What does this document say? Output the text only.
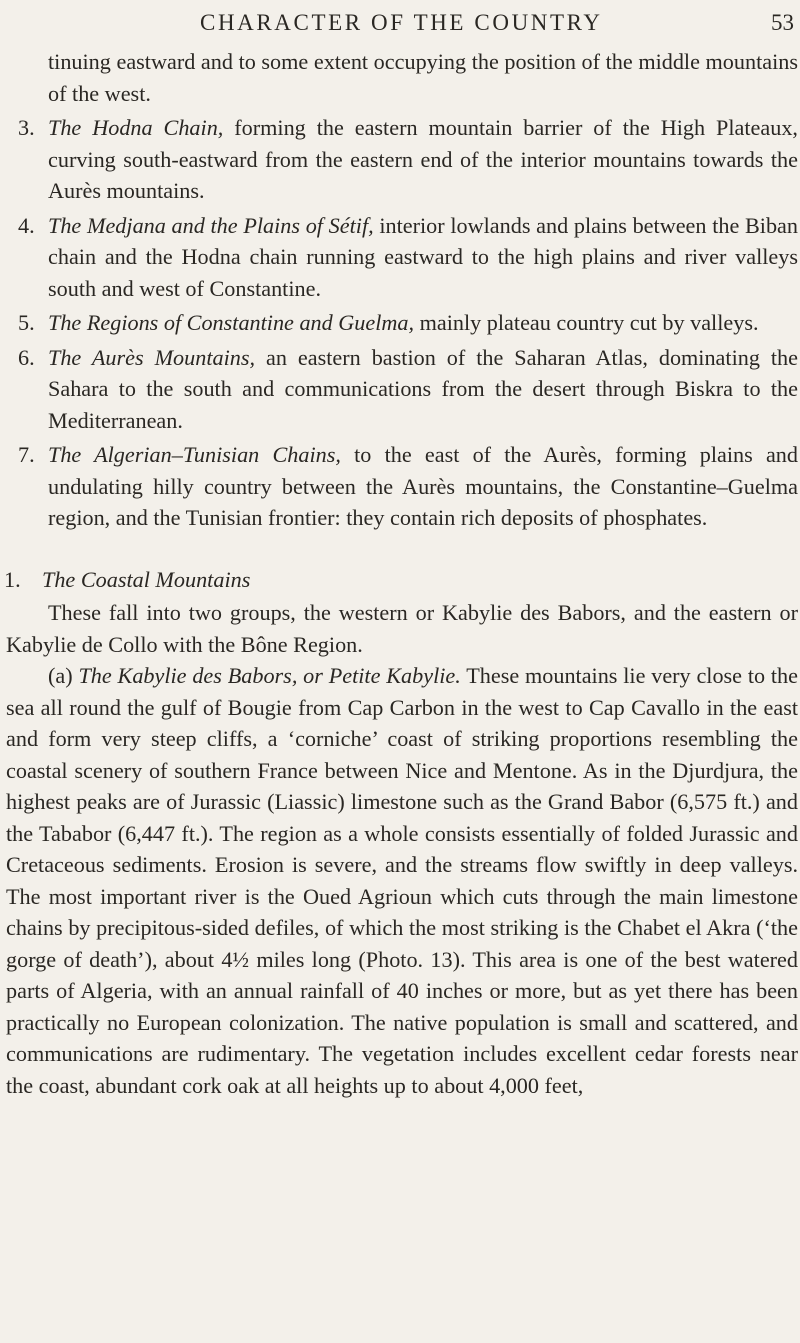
CHARACTER OF THE COUNTRY	53
tinuing eastward and to some extent occupying the position of the middle mountains of the west.
3. The Hodna Chain, forming the eastern mountain barrier of the High Plateaux, curving south-eastward from the eastern end of the interior mountains towards the Aurès mountains.
4. The Medjana and the Plains of Sétif, interior lowlands and plains between the Biban chain and the Hodna chain running eastward to the high plains and river valleys south and west of Constantine.
5. The Regions of Constantine and Guelma, mainly plateau country cut by valleys.
6. The Aurès Mountains, an eastern bastion of the Saharan Atlas, dominating the Sahara to the south and communications from the desert through Biskra to the Mediterranean.
7. The Algerian–Tunisian Chains, to the east of the Aurès, forming plains and undulating hilly country between the Aurès mountains, the Constantine–Guelma region, and the Tunisian frontier: they contain rich deposits of phosphates.
1. The Coastal Mountains

These fall into two groups, the western or Kabylie des Babors, and the eastern or Kabylie de Collo with the Bône Region.

(a) The Kabylie des Babors, or Petite Kabylie. These mountains lie very close to the sea all round the gulf of Bougie from Cap Carbon in the west to Cap Cavallo in the east and form very steep cliffs, a ‘corniche’ coast of striking proportions resembling the coastal scenery of southern France between Nice and Mentone. As in the Djurdjura, the highest peaks are of Jurassic (Liassic) limestone such as the Grand Babor (6,575 ft.) and the Tababor (6,447 ft.). The region as a whole consists essentially of folded Jurassic and Cretaceous sediments. Erosion is severe, and the streams flow swiftly in deep valleys. The most important river is the Oued Agrioun which cuts through the main limestone chains by precipitous-sided defiles, of which the most striking is the Chabet el Akra (‘the gorge of death’), about 4½ miles long (Photo. 13). This area is one of the best watered parts of Algeria, with an annual rainfall of 40 inches or more, but as yet there has been practically no European colonization. The native population is small and scattered, and communications are rudimentary. The vegetation includes excellent cedar forests near the coast, abundant cork oak at all heights up to about 4,000 feet,
